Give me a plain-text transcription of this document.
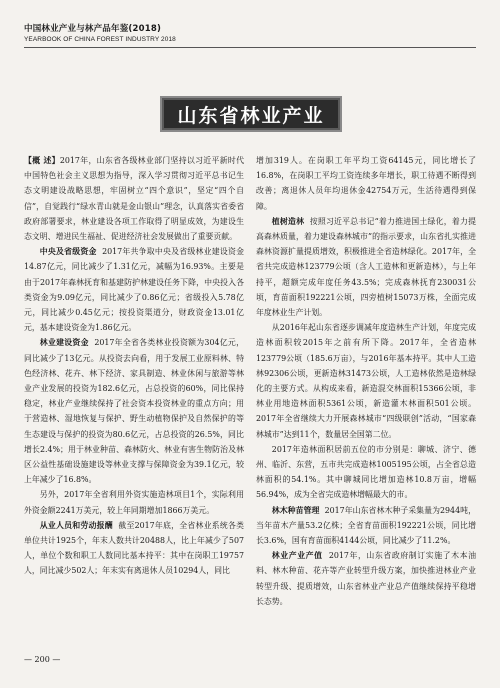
中国林业产业与林产品年鉴(2018)
YEARBOOK OF CHINA FOREST INDUSTRY 2018
山东省林业产业

【概 述】2017年，山东省各级林业部门坚持以习近平新时代中国特色社会主义思想为指导，深入学习贯彻习近平总书记生态文明建设战略思想，牢固树立“四个意识”，坚定“四个自信”，自觉践行“绿水青山就是金山银山”理念，认真落实省委省政府部署要求，林业建设各项工作取得了明显成效，为建设生态文明、增进民生福祉、促进经济社会发展做出了重要贡献。

中央及省级资金 2017年共争取中央及省级林业建设资金14.87亿元，同比减少了1.31亿元，减幅为16.93%。主要是由于2017年森林抚育和基建防护林建设任务下降，中央投入各类资金为9.09亿元，同比减少了0.86亿元；省级投入5.78亿元，同比减少0.45亿元；按投资渠道分，财政资金13.01亿元，基本建设资金为1.86亿元。

林业建设资金 2017年全省各类林业投资额为304亿元，同比减少了13亿元。从投资去向看，用于发展工业原料林、特色经济林、花卉、林下经济、家具制造、林业休闲与旅游等林业产业发展的投资为182.6亿元，占总投资的60%，同比保持稳定，林业产业继续保持了社会资本投资林业的重点方向；用于营造林、湿地恢复与保护、野生动植物保护及自然保护的等生态建设与保护的投资为80.6亿元，占总投资的26.5%，同比增长2.4%；用于林业种苗、森林防火、林业有害生物防治及林区公益性基础设施建设等林业支撑与保障资金为39.1亿元，较上年减少了16.8%。

另外，2017年全省利用外资实施造林项目1个，实际利用外资金额2241万美元，较上年同期增加1866万美元。

从业人员和劳动报酬 截至2017年底，全省林业系统各类单位共计1925个，年末人数共计20488人，比上年减少了507人，单位个数和职工人数同比基本持平：其中在岗职工19757人，同比减少502人；年末实有离退休人员10294人，同比

增加319人。在岗职工年平均工资64145元，同比增长了16.8%，在岗职工平均工资连续多年增长，职工待遇不断得到改善；离退休人员年均退休金42754万元，生活待遇得到保障。

植树造林 按照习近平总书记“着力推进国土绿化，着力提高森林质量，着力建设森林城市”的指示要求，山东省扎实推进森林资源扩量提质增效，积极推进全省造林绿化。2017年，全省共完成造林123779公顷（含人工造林和更新造林），与上年持平，超额完成年度任务43.5%；完成森林抚育230031公顷，育苗面积192221公顷，四旁植树15073万株，全面完成年度林业生产计划。

从2016年起山东省逐步调减年度造林生产计划，年度完成造林面积较2015年之前有所下降。2017年，全省造林123779公顷（185.6万亩），与2016年基本持平。其中人工造林92306公顷，更新造林31473公顷，人工造林依然是造林绿化的主要方式。从构成来看，新造混交林面积15366公顷，非林业用地造林面积5361公顷，新造灌木林面积501公顷。2017年全省继续大力开展森林城市“四级联创”活动，“国家森林城市”达到11个，数量居全国第二位。

2017年造林面积居前五位的市分别是：聊城、济宁、德州、临沂、东营，五市共完成造林1005195公顷，占全省总造林面积的54.1%。其中聊城同比增加造林10.8万亩，增幅56.94%，成为全省完成造林增幅最大的市。

林木种苗管理 2017年山东省林木种子采集量为2944吨，当年苗木产量53.2亿株；全省育苗面积192221公顷，同比增长3.6%，国有育苗面积4144公顷，同比减少了11.2%。

林业产业产值 2017年，山东省政府制订实施了木本油料、林木种苗、花卉等产业转型升级方案，加快推进林业产业转型升级、提质增效，山东省林业产业总产值继续保持平稳增长态势。

— 200 —
